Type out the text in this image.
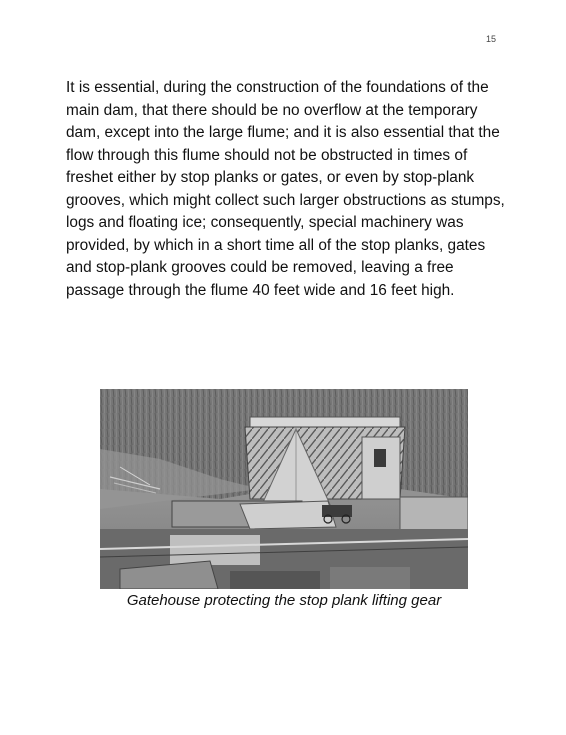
15

It is essential, during the construction of the foundations of the main dam, that there should be no overflow at the temporary dam, except into the large flume; and it is also essential that the flow through this flume should not be obstructed in times of freshet either by stop planks or gates, or even by stop-plank grooves, which might collect such larger obstructions as stumps, logs and floating ice; consequently, special machinery was provided, by which in a short time all of the stop planks, gates and stop-plank grooves could be removed, leaving a free passage through the flume 40 feet wide and 16 feet high.

Gatehouse protecting the stop plank lifting gear
